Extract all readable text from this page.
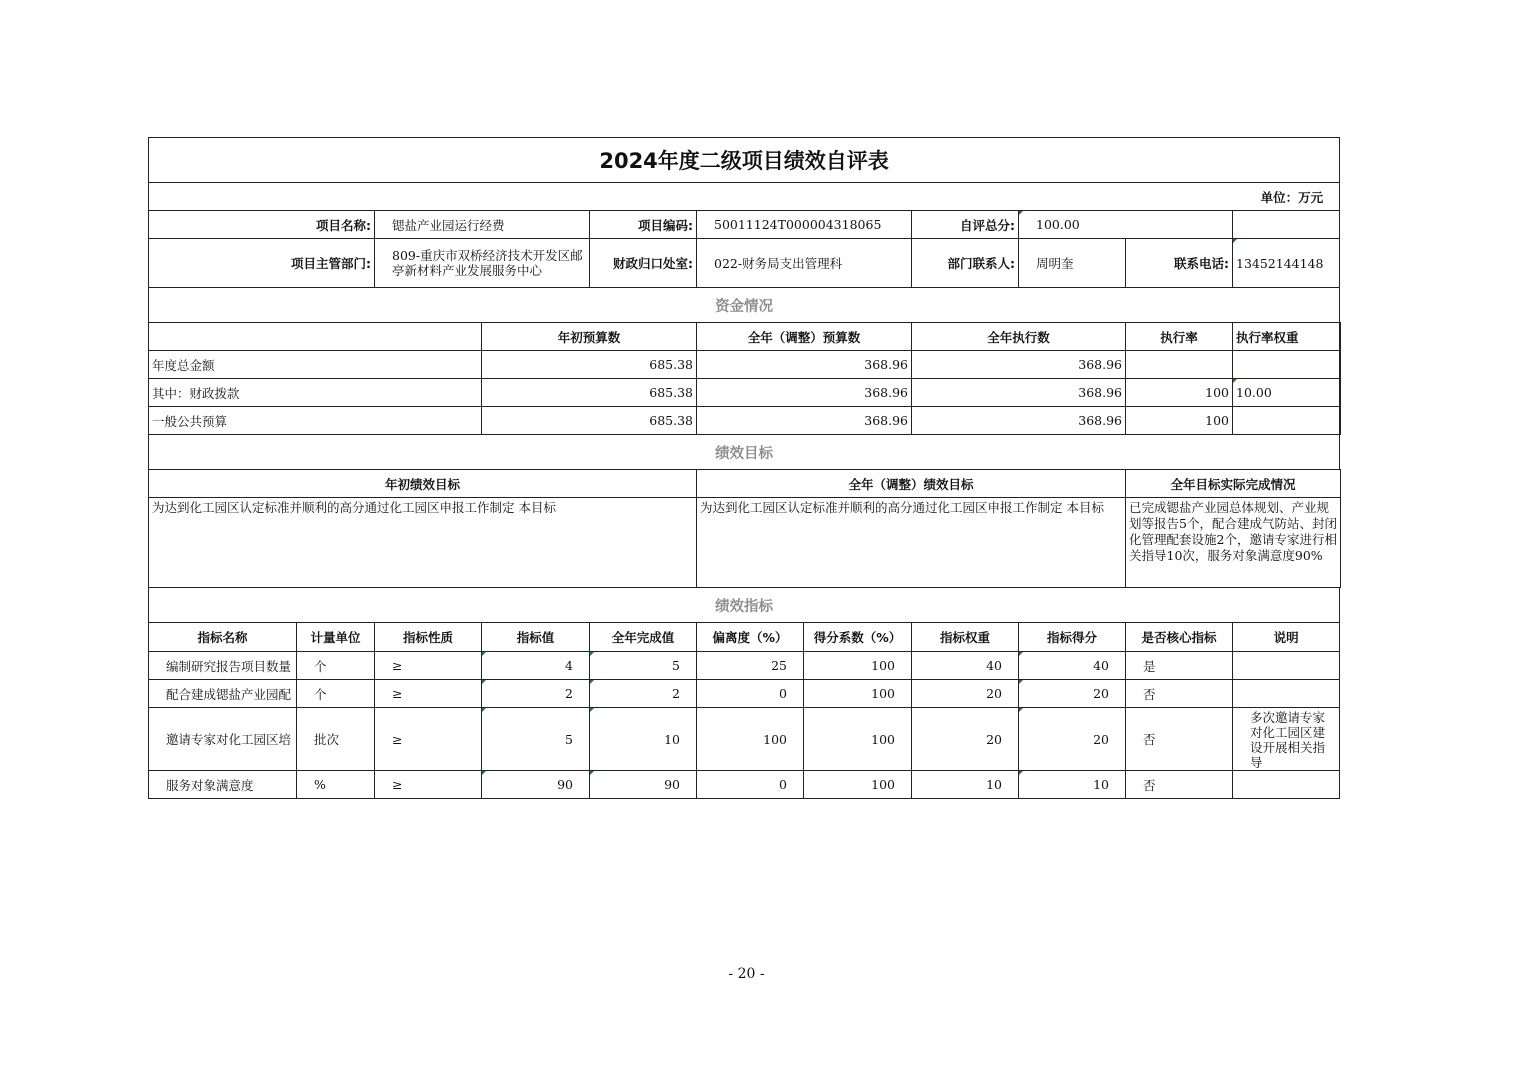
2024年度二级项目绩效自评表											
单位：万元											
项目名称:		锶盐产业园运行经费		项目编码:	50011124T000004318065		自评总分:	100.00			
项目主管部门:		809-重庆市双桥经济技术开发区邮亭新材料产业发展服务中心		财政归口处室:	022-财务局支出管理科		部门联系人:	周明奎	联系电话:	13452144148	
资金情况											
			年初预算数		全年（调整）预算数		全年执行数		执行率	执行率权重	
年度总金额			685.38		368.96		368.96				
其中：财政拨款			685.38		368.96		368.96		100	10.00	
一般公共预算			685.38		368.96		368.96		100		
绩效目标											
年初绩效目标					全年（调整）绩效目标				全年目标实际完成情况		
为达到化工园区认定标准并顺利的高分通过化工园区申报工作制定 本目标					为达到化工园区认定标准并顺利的高分通过化工园区申报工作制定 本目标				已完成锶盐产业园总体规划、产业规划等报告5个，配合建成气防站、封闭化管理配套设施2个，邀请专家进行相关指导10次，服务对象满意度90%		
绩效指标											
指标名称	计量单位	指标性质	指标值	全年完成值	偏离度（%）	得分系数（%）	指标权重	指标得分	是否核心指标	说明	
编制研究报告项目数量	个	≥	4	5	25	100	40	40	是		
配合建成锶盐产业园配	个	≥	2	2	0	100	20	20	否		
邀请专家对化工园区培	批次	≥	5	10	100	100	20	20	否	多次邀请专家对化工园区建设开展相关指导	
服务对象满意度	%	≥	90	90	0	100	10	10	否		
- 20 -
